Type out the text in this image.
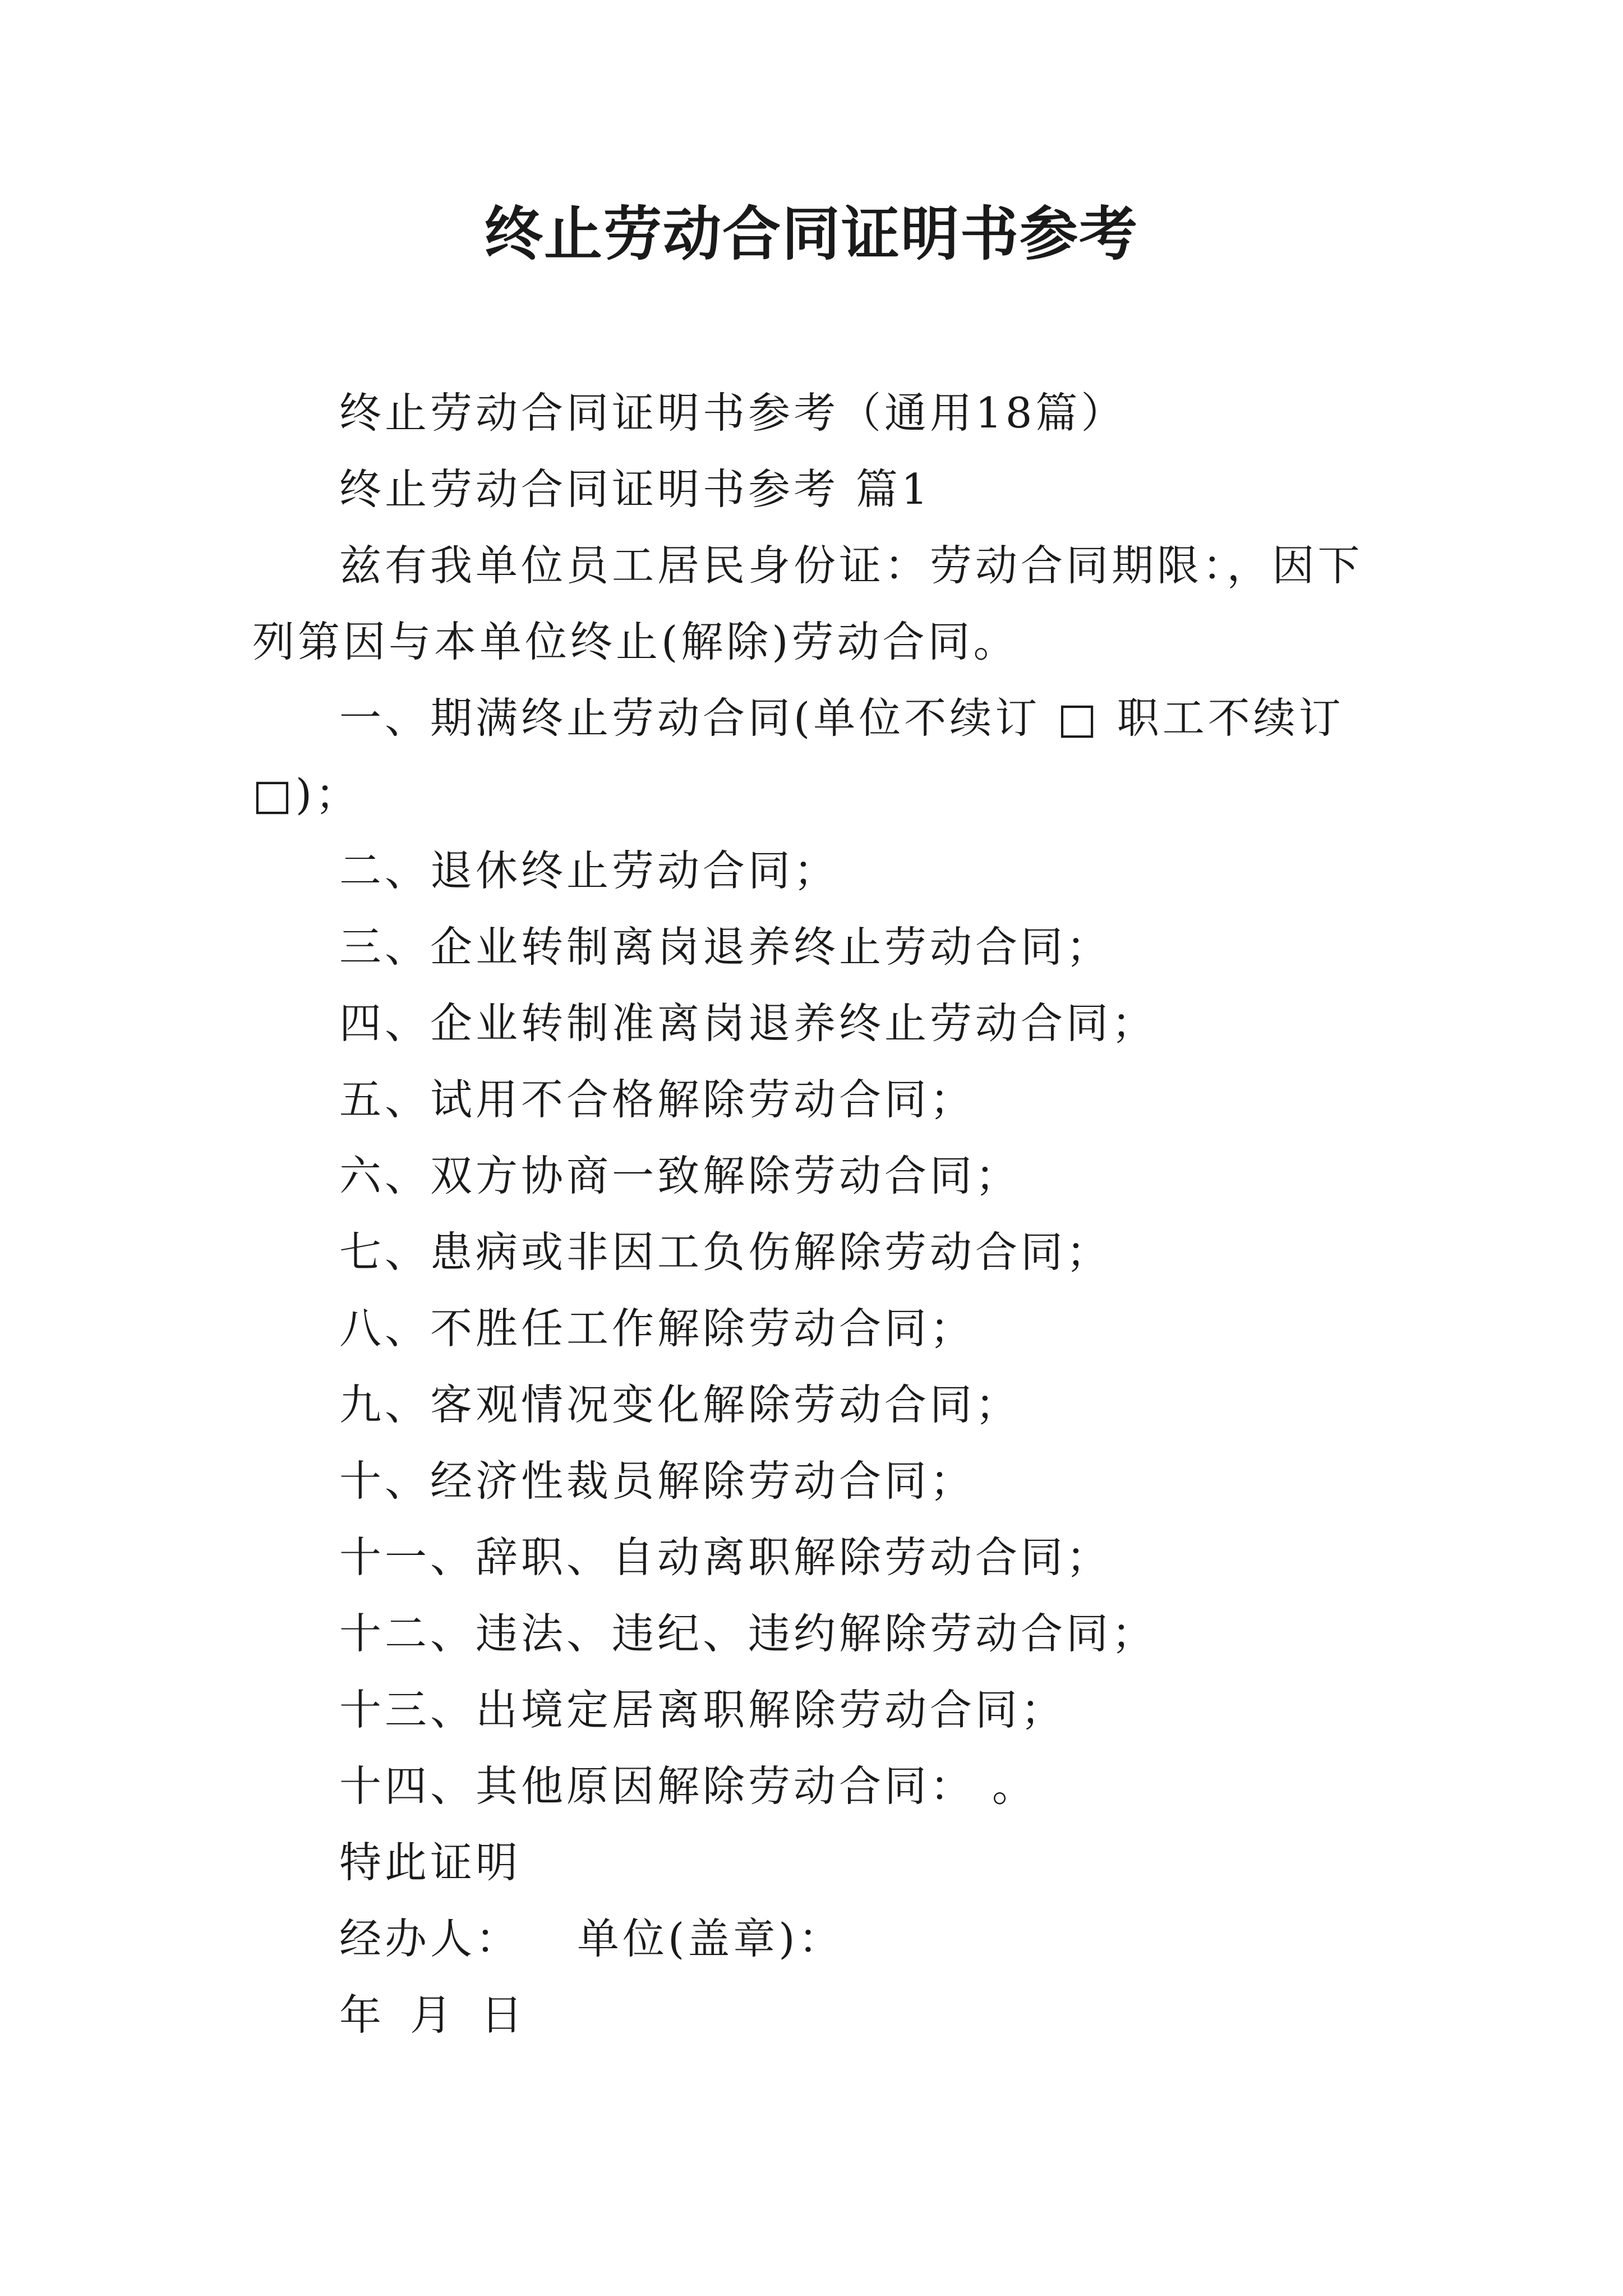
终止劳动合同证明书参考

终止劳动合同证明书参考（通用18篇）

终止劳动合同证明书参考 篇1

兹有我单位员工居民身份证：劳动合同期限：，因下列第因与本单位终止(解除)劳动合同。

一、期满终止劳动合同(单位不续订 □ 职工不续订□)；

二、退休终止劳动合同；

三、企业转制离岗退养终止劳动合同；

四、企业转制准离岗退养终止劳动合同；

五、试用不合格解除劳动合同；

六、双方协商一致解除劳动合同；

七、患病或非因工负伤解除劳动合同；

八、不胜任工作解除劳动合同；

九、客观情况变化解除劳动合同；

十、经济性裁员解除劳动合同；

十一、辞职、自动离职解除劳动合同；

十二、违法、违纪、违约解除劳动合同；

十三、出境定居离职解除劳动合同；

十四、其他原因解除劳动合同： 。

特此证明

经办人： 单位(盖章)：

年 月 日
